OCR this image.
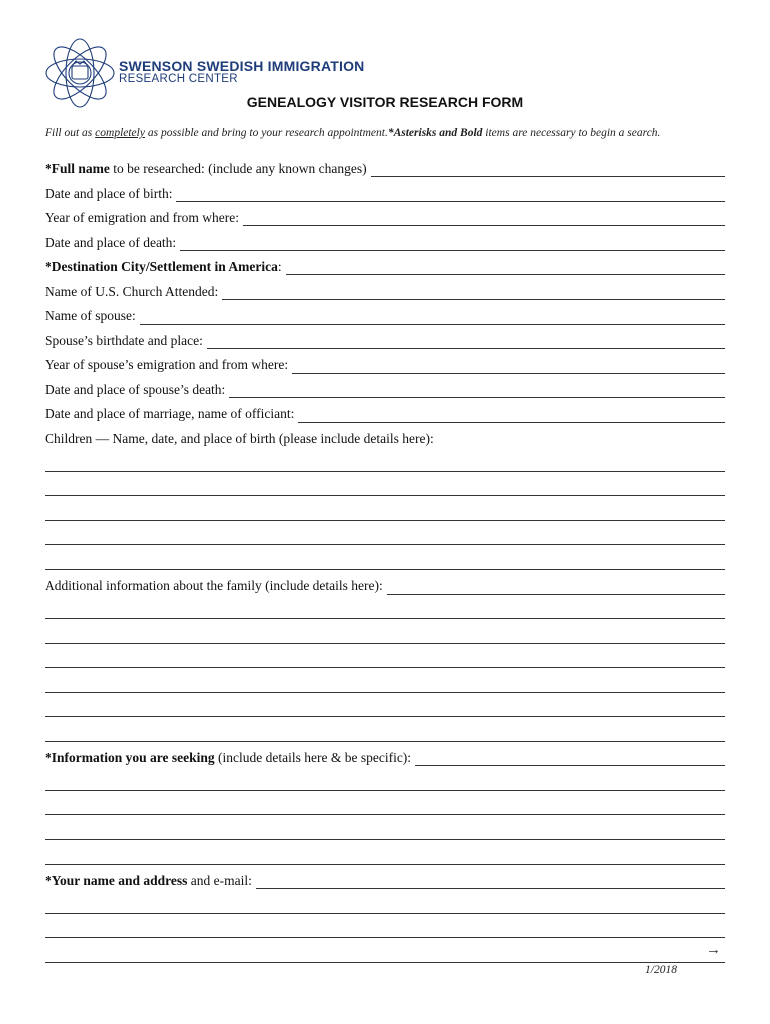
SWENSON SWEDISH IMMIGRATION
RESEARCH CENTER
GENEALOGY VISITOR RESEARCH FORM
Fill out as completely as possible and bring to your research appointment.*Asterisks and Bold items are necessary to begin a search.
*Full name to be researched: (include any known changes)
Date and place of birth:
Year of emigration and from where:
Date and place of death:
*Destination City/Settlement in America:
Name of U.S. Church Attended:
Name of spouse:
Spouse’s birthdate and place:
Year of spouse’s emigration and from where:
Date and place of spouse’s death:
Date and place of marriage, name of officiant:
Children — Name, date, and place of birth (please include details here):
Additional information about the family (include details here):
*Information you are seeking (include details here & be specific):
*Your name and address and e-mail:
→
1/2018
